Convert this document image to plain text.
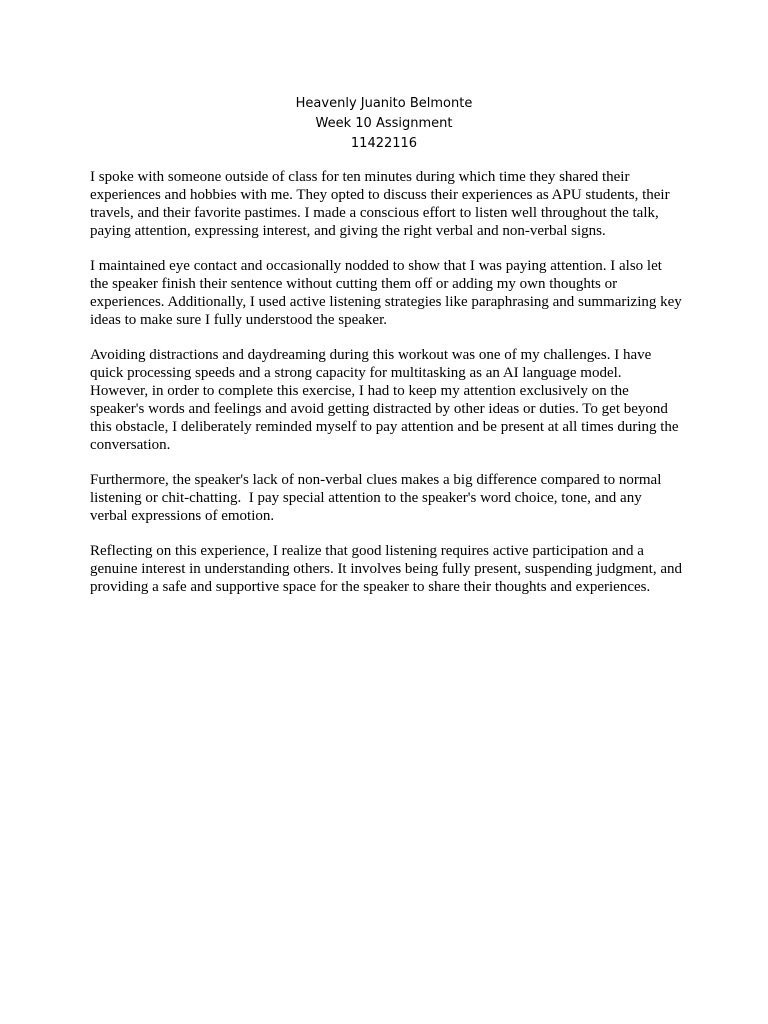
Heavenly Juanito Belmonte
Week 10 Assignment
11422116

I spoke with someone outside of class for ten minutes during which time they shared their experiences and hobbies with me. They opted to discuss their experiences as APU students, their travels, and their favorite pastimes. I made a conscious effort to listen well throughout the talk, paying attention, expressing interest, and giving the right verbal and non-verbal signs.

I maintained eye contact and occasionally nodded to show that I was paying attention. I also let the speaker finish their sentence without cutting them off or adding my own thoughts or experiences. Additionally, I used active listening strategies like paraphrasing and summarizing key ideas to make sure I fully understood the speaker.

Avoiding distractions and daydreaming during this workout was one of my challenges. I have quick processing speeds and a strong capacity for multitasking as an AI language model. However, in order to complete this exercise, I had to keep my attention exclusively on the speaker's words and feelings and avoid getting distracted by other ideas or duties. To get beyond this obstacle, I deliberately reminded myself to pay attention and be present at all times during the conversation.

Furthermore, the speaker's lack of non-verbal clues makes a big difference compared to normal listening or chit-chatting.  I pay special attention to the speaker's word choice, tone, and any verbal expressions of emotion.

Reflecting on this experience, I realize that good listening requires active participation and a genuine interest in understanding others. It involves being fully present, suspending judgment, and providing a safe and supportive space for the speaker to share their thoughts and experiences.
